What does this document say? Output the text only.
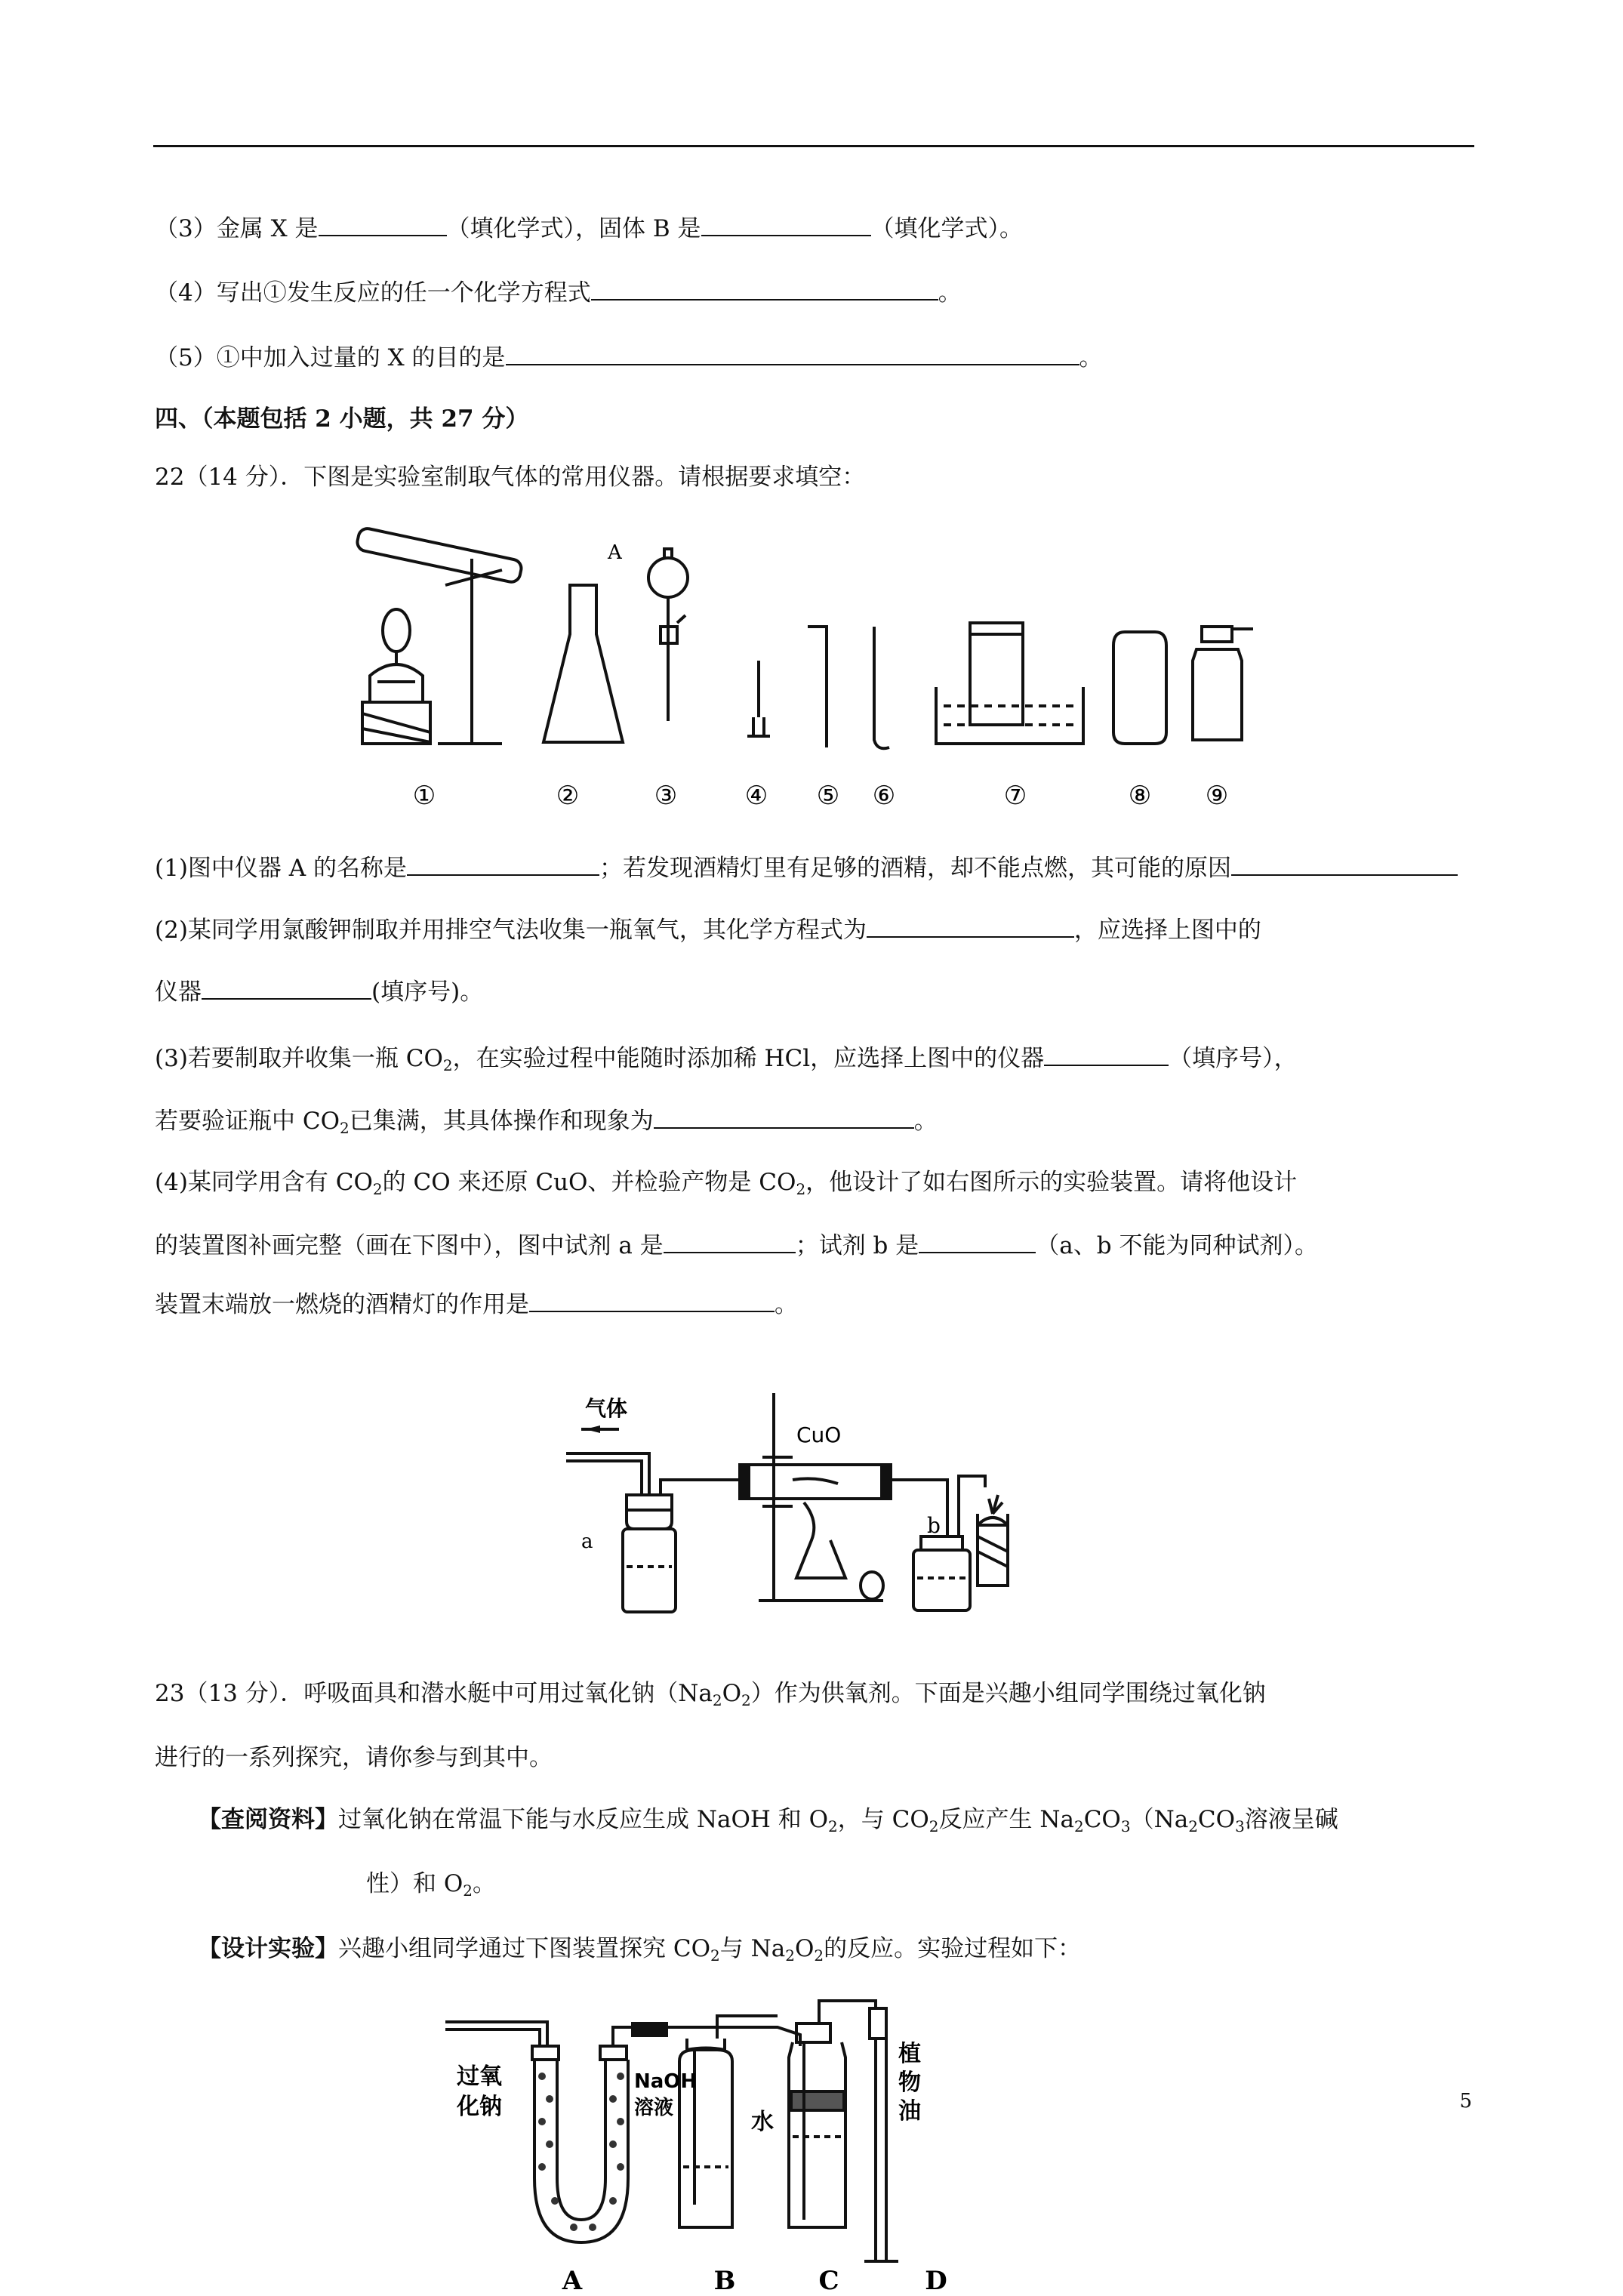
（3）金属 X 是	（填化学式），固体 B 是	（填化学式）。
（4）写出①发生反应的任一个化学方程式	。
（5）①中加入过量的 X 的目的是	。
四、（本题包括 2 小题，共 27 分）
22（14 分）．下图是实验室制取气体的常用仪器。请根据要求填空：
A
①	②	③	④ ⑤ ⑥	⑦	⑧ ⑨
(1)图中仪器 A 的名称是	；若发现酒精灯里有足够的酒精，却不能点燃，其可能的原因
(2)某同学用氯酸钾制取并用排空气法收集一瓶氧气，其化学方程式为	，应选择上图中的
仪器	(填序号)。
(3)若要制取并收集一瓶 $CO_2$，在实验过程中能随时添加稀 HCl，应选择上图中的仪器	（填序号），
若要验证瓶中 $CO_2$已集满，其具体操作和现象为	。
(4)某同学用含有 $CO_2$的 CO 来还原 CuO、并检验产物是 $CO_2$，他设计了如右图所示的实验装置。请将他设计
的装置图补画完整（画在下图中），图中试剂 a 是	；试剂 b 是	（a、b 不能为同种试剂）。
装置末端放一燃烧的酒精灯的作用是	。
气体
CuO
a
b
23（13 分）．呼吸面具和潜水艇中可用过氧化钠$(Na_2O_2)$作为供氧剂。下面是兴趣小组同学围绕过氧化钠
进行的一系列探究，请你参与到其中。
【查阅资料】过氧化钠在常温下能与水反应生成 NaOH 和 $O_2$，与 $CO_2$反应产生 $Na_2CO_3(Na_2CO_3$溶液呈碱
性）和 $O_2$。
【设计实验】兴趣小组同学通过下图装置探究 $CO_2$与 $Na_2O_2$的反应。实验过程如下：
过氧
化钠
NaOH
溶液
水
植
物
油
A	B	C	D
5
